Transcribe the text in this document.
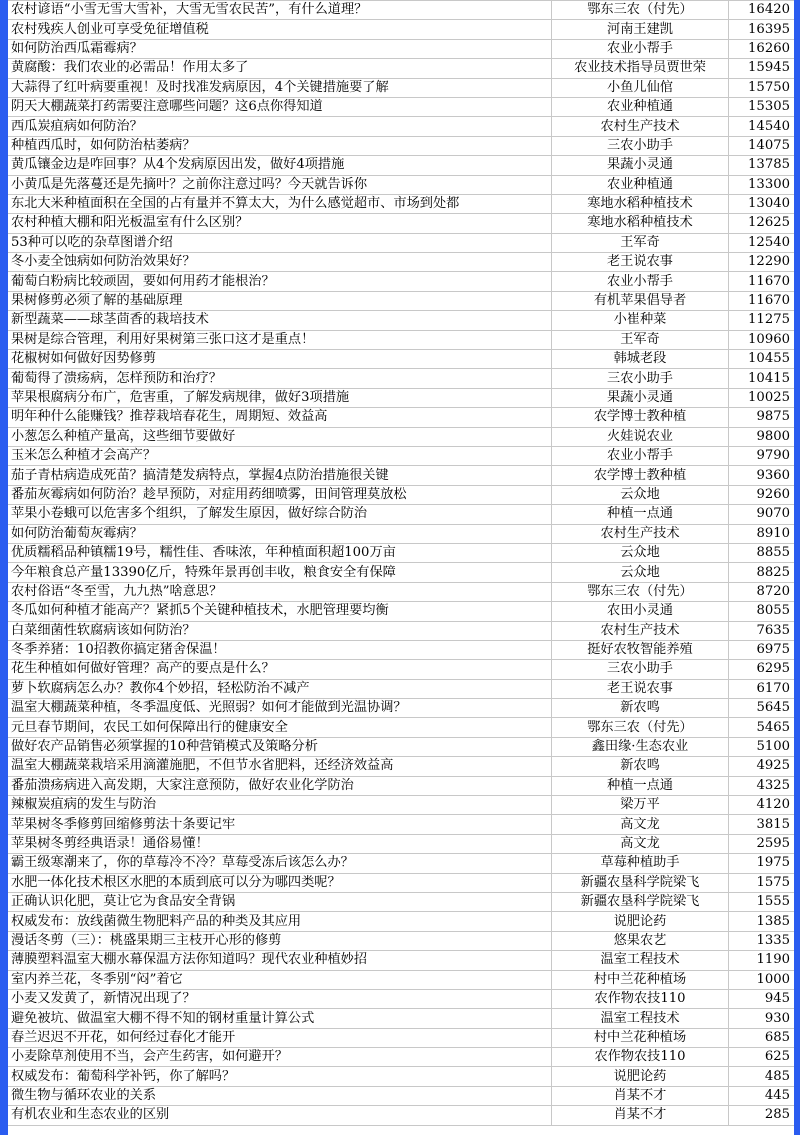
农村谚语“小雪无雪大雪补，大雪无雪农民苦”，有什么道理？	鄂东三农（付先）	16420
农村残疾人创业可享受免征增值税	河南王建凯	16395
如何防治西瓜霜霉病？	农业小帮手	16260
黄腐酸：我们农业的必需品！作用太多了	农业技术指导员贾世荣	15945
大蒜得了红叶病要重视！及时找准发病原因，4个关键措施要了解	小鱼儿仙倌	15750
阴天大棚蔬菜打药需要注意哪些问题？这6点你得知道	农业种植通	15305
西瓜炭疽病如何防治？	农村生产技术	14540
种植西瓜时，如何防治枯萎病？	三农小助手	14075
黄瓜镶金边是咋回事？从4个发病原因出发，做好4项措施	果蔬小灵通	13785
小黄瓜是先落蔓还是先摘叶？之前你注意过吗？今天就告诉你	农业种植通	13300
东北大米种植面积在全国的占有量并不算太大，为什么感觉超市、市场到处都	寒地水稻种植技术	13040
农村种植大棚和阳光板温室有什么区别？	寒地水稻种植技术	12625
53种可以吃的杂草图谱介绍	王军奇	12540
冬小麦全蚀病如何防治效果好？	老王说农事	12290
葡萄白粉病比较顽固，要如何用药才能根治？	农业小帮手	11670
果树修剪必须了解的基础原理	有机苹果倡导者	11670
新型蔬菜——球茎茴香的栽培技术	小崔种菜	11275
果树是综合管理，利用好果树第三张口这才是重点！	王军奇	10960
花椒树如何做好因势修剪	韩城老段	10455
葡萄得了溃疡病，怎样预防和治疗？	三农小助手	10415
苹果根腐病分布广，危害重，了解发病规律，做好3项措施	果蔬小灵通	10025
明年种什么能赚钱？推荐栽培春花生，周期短、效益高	农学博士教种植	9875
小葱怎么种植产量高，这些细节要做好	火娃说农业	9800
玉米怎么种植才会高产？	农业小帮手	9790
茄子青枯病造成死苗？搞清楚发病特点，掌握4点防治措施很关键	农学博士教种植	9360
番茄灰霉病如何防治？趁早预防，对症用药细喷雾，田间管理莫放松	云众地	9260
苹果小卷蛾可以危害多个组织，了解发生原因，做好综合防治	种植一点通	9070
如何防治葡萄灰霉病？	农村生产技术	8910
优质糯稻品种镇糯19号，糯性佳、香味浓，年种植面积超100万亩	云众地	8855
今年粮食总产量13390亿斤，特殊年景再创丰收，粮食安全有保障	云众地	8825
农村俗语“冬至雪，九九热”啥意思？	鄂东三农（付先）	8720
冬瓜如何种植才能高产？紧抓5个关键种植技术，水肥管理要均衡	农田小灵通	8055
白菜细菌性软腐病该如何防治？	农村生产技术	7635
冬季养猪：10招教你搞定猪舍保温！	挺好农牧智能养殖	6975
花生种植如何做好管理？高产的要点是什么？	三农小助手	6295
萝卜软腐病怎么办？教你4个妙招，轻松防治不减产	老王说农事	6170
温室大棚蔬菜种植，冬季温度低、光照弱？如何才能做到光温协调？	新农鸣	5645
元旦春节期间，农民工如何保障出行的健康安全	鄂东三农（付先）	5465
做好农产品销售必须掌握的10种营销模式及策略分析	鑫田缘·生态农业	5100
温室大棚蔬菜栽培采用滴灌施肥，不但节水省肥料，还经济效益高	新农鸣	4925
番茄溃疡病进入高发期，大家注意预防，做好农业化学防治	种植一点通	4325
辣椒炭疽病的发生与防治	梁万平	4120
苹果树冬季修剪回缩修剪法十条要记牢	高文龙	3815
苹果树冬剪经典语录！通俗易懂！	高文龙	2595
霸王级寒潮来了，你的草莓冷不冷？草莓受冻后该怎么办？	草莓种植助手	1975
水肥一体化技术根区水肥的本质到底可以分为哪四类呢？	新疆农垦科学院梁飞	1575
正确认识化肥，莫让它为食品安全背锅	新疆农垦科学院梁飞	1555
权威发布：放线菌微生物肥料产品的种类及其应用	说肥论药	1385
漫话冬剪（三）：桃盛果期三主枝开心形的修剪	悠果农艺	1335
薄膜塑料温室大棚水幕保温方法你知道吗？现代农业种植妙招	温室工程技术	1190
室内养兰花，冬季别“闷”着它	村中兰花种植场	1000
小麦又发黄了，新情况出现了？	农作物农技110	945
避免被坑、做温室大棚不得不知的钢材重量计算公式	温室工程技术	930
春兰迟迟不开花，如何经过春化才能开	村中兰花种植场	685
小麦除草剂使用不当，会产生药害，如何避开？	农作物农技110	625
权威发布：葡萄科学补钙，你了解吗？	说肥论药	485
微生物与循环农业的关系	肖某不才	445
有机农业和生态农业的区别	肖某不才	285
